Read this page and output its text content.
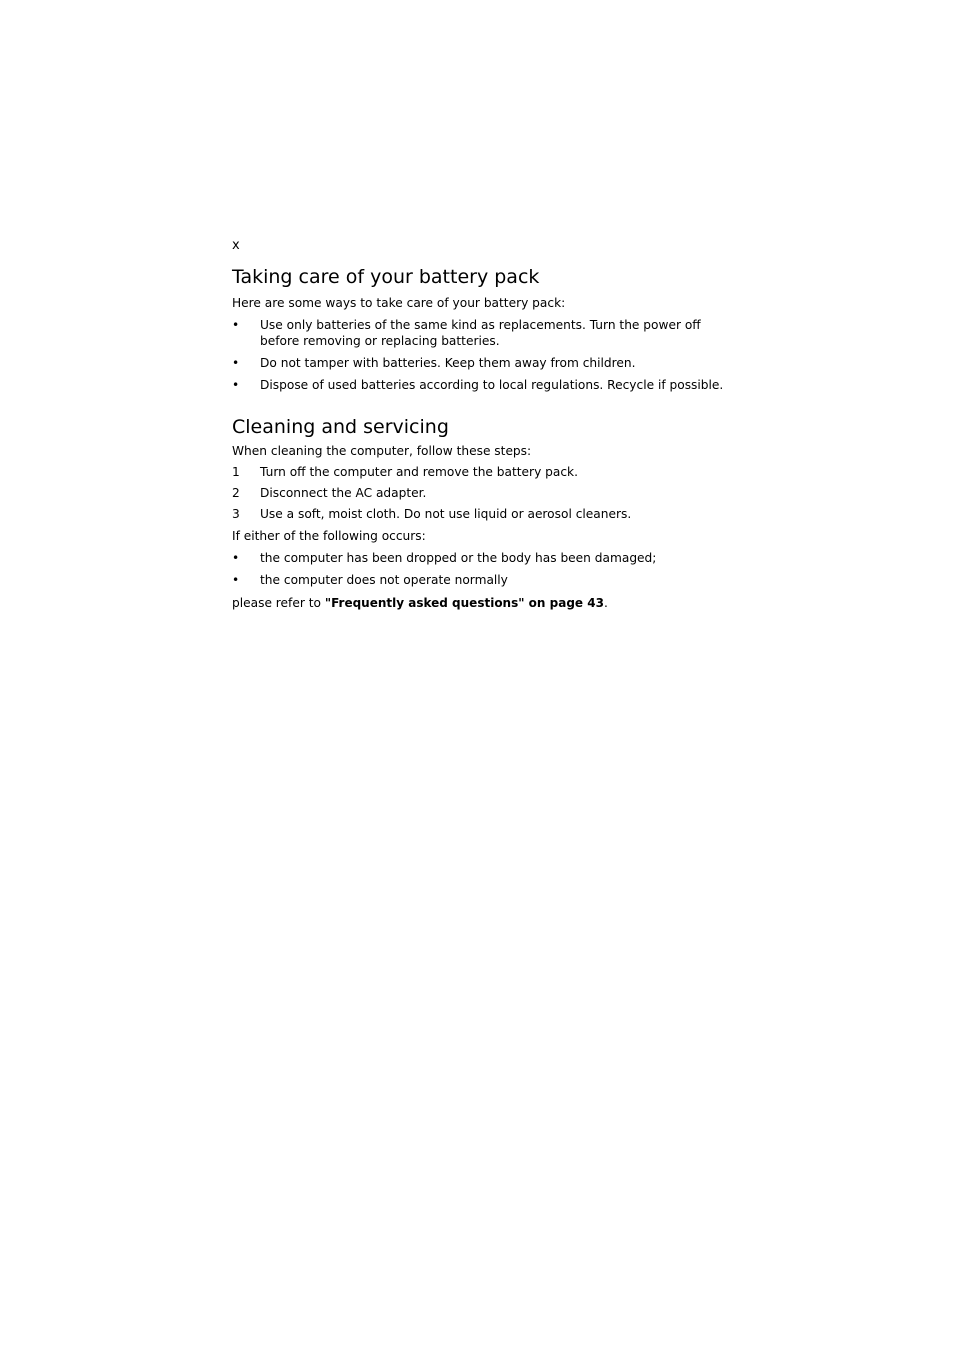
x

Taking care of your battery pack

Here are some ways to take care of your battery pack:

•	Use only batteries of the same kind as replacements. Turn the power off before removing or replacing batteries.
•	Do not tamper with batteries. Keep them away from children.
•	Dispose of used batteries according to local regulations. Recycle if possible.
Cleaning and servicing

When cleaning the computer, follow these steps:

1	Turn off the computer and remove the battery pack.
2	Disconnect the AC adapter.
3	Use a soft, moist cloth. Do not use liquid or aerosol cleaners.

If either of the following occurs:

•	the computer has been dropped or the body has been damaged;
•	the computer does not operate normally

please refer to "Frequently asked questions" on page 43.
